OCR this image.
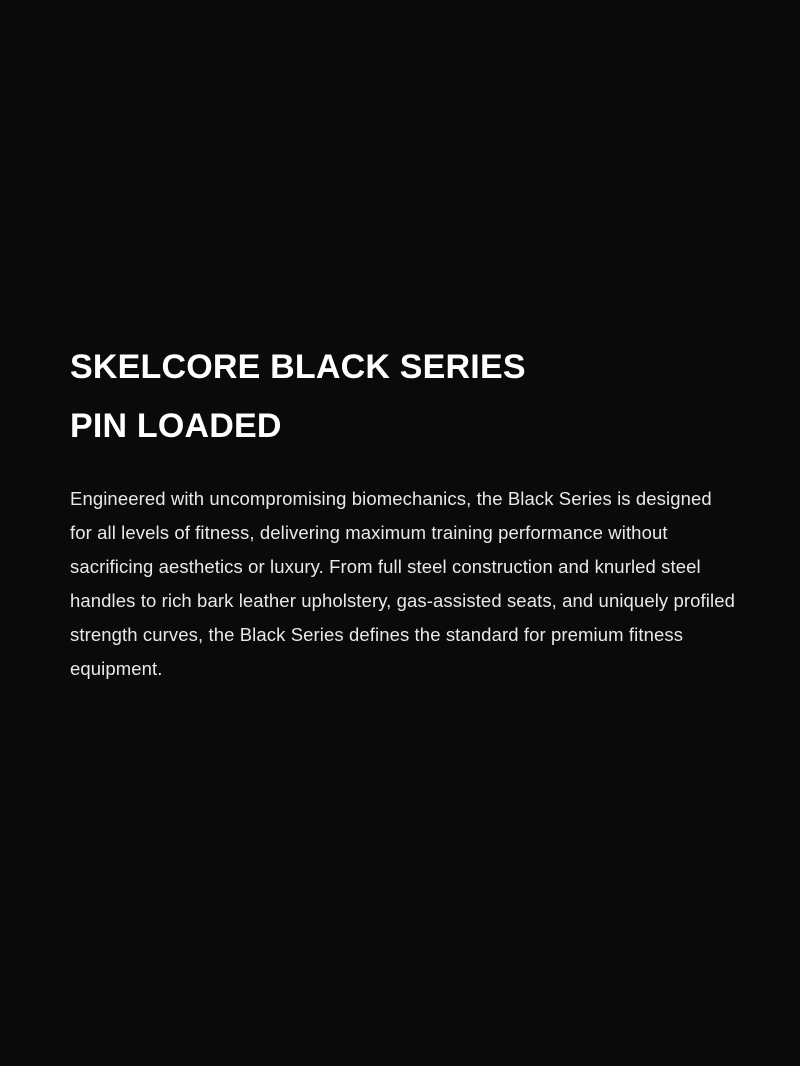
SKELCORE BLACK SERIES
PIN LOADED

Engineered with uncompromising biomechanics, the Black Series is designed for all levels of fitness, delivering maximum training performance without sacrificing aesthetics or luxury. From full steel construction and knurled steel handles to rich bark leather upholstery, gas-assisted seats, and uniquely profiled strength curves, the Black Series defines the standard for premium fitness equipment.
